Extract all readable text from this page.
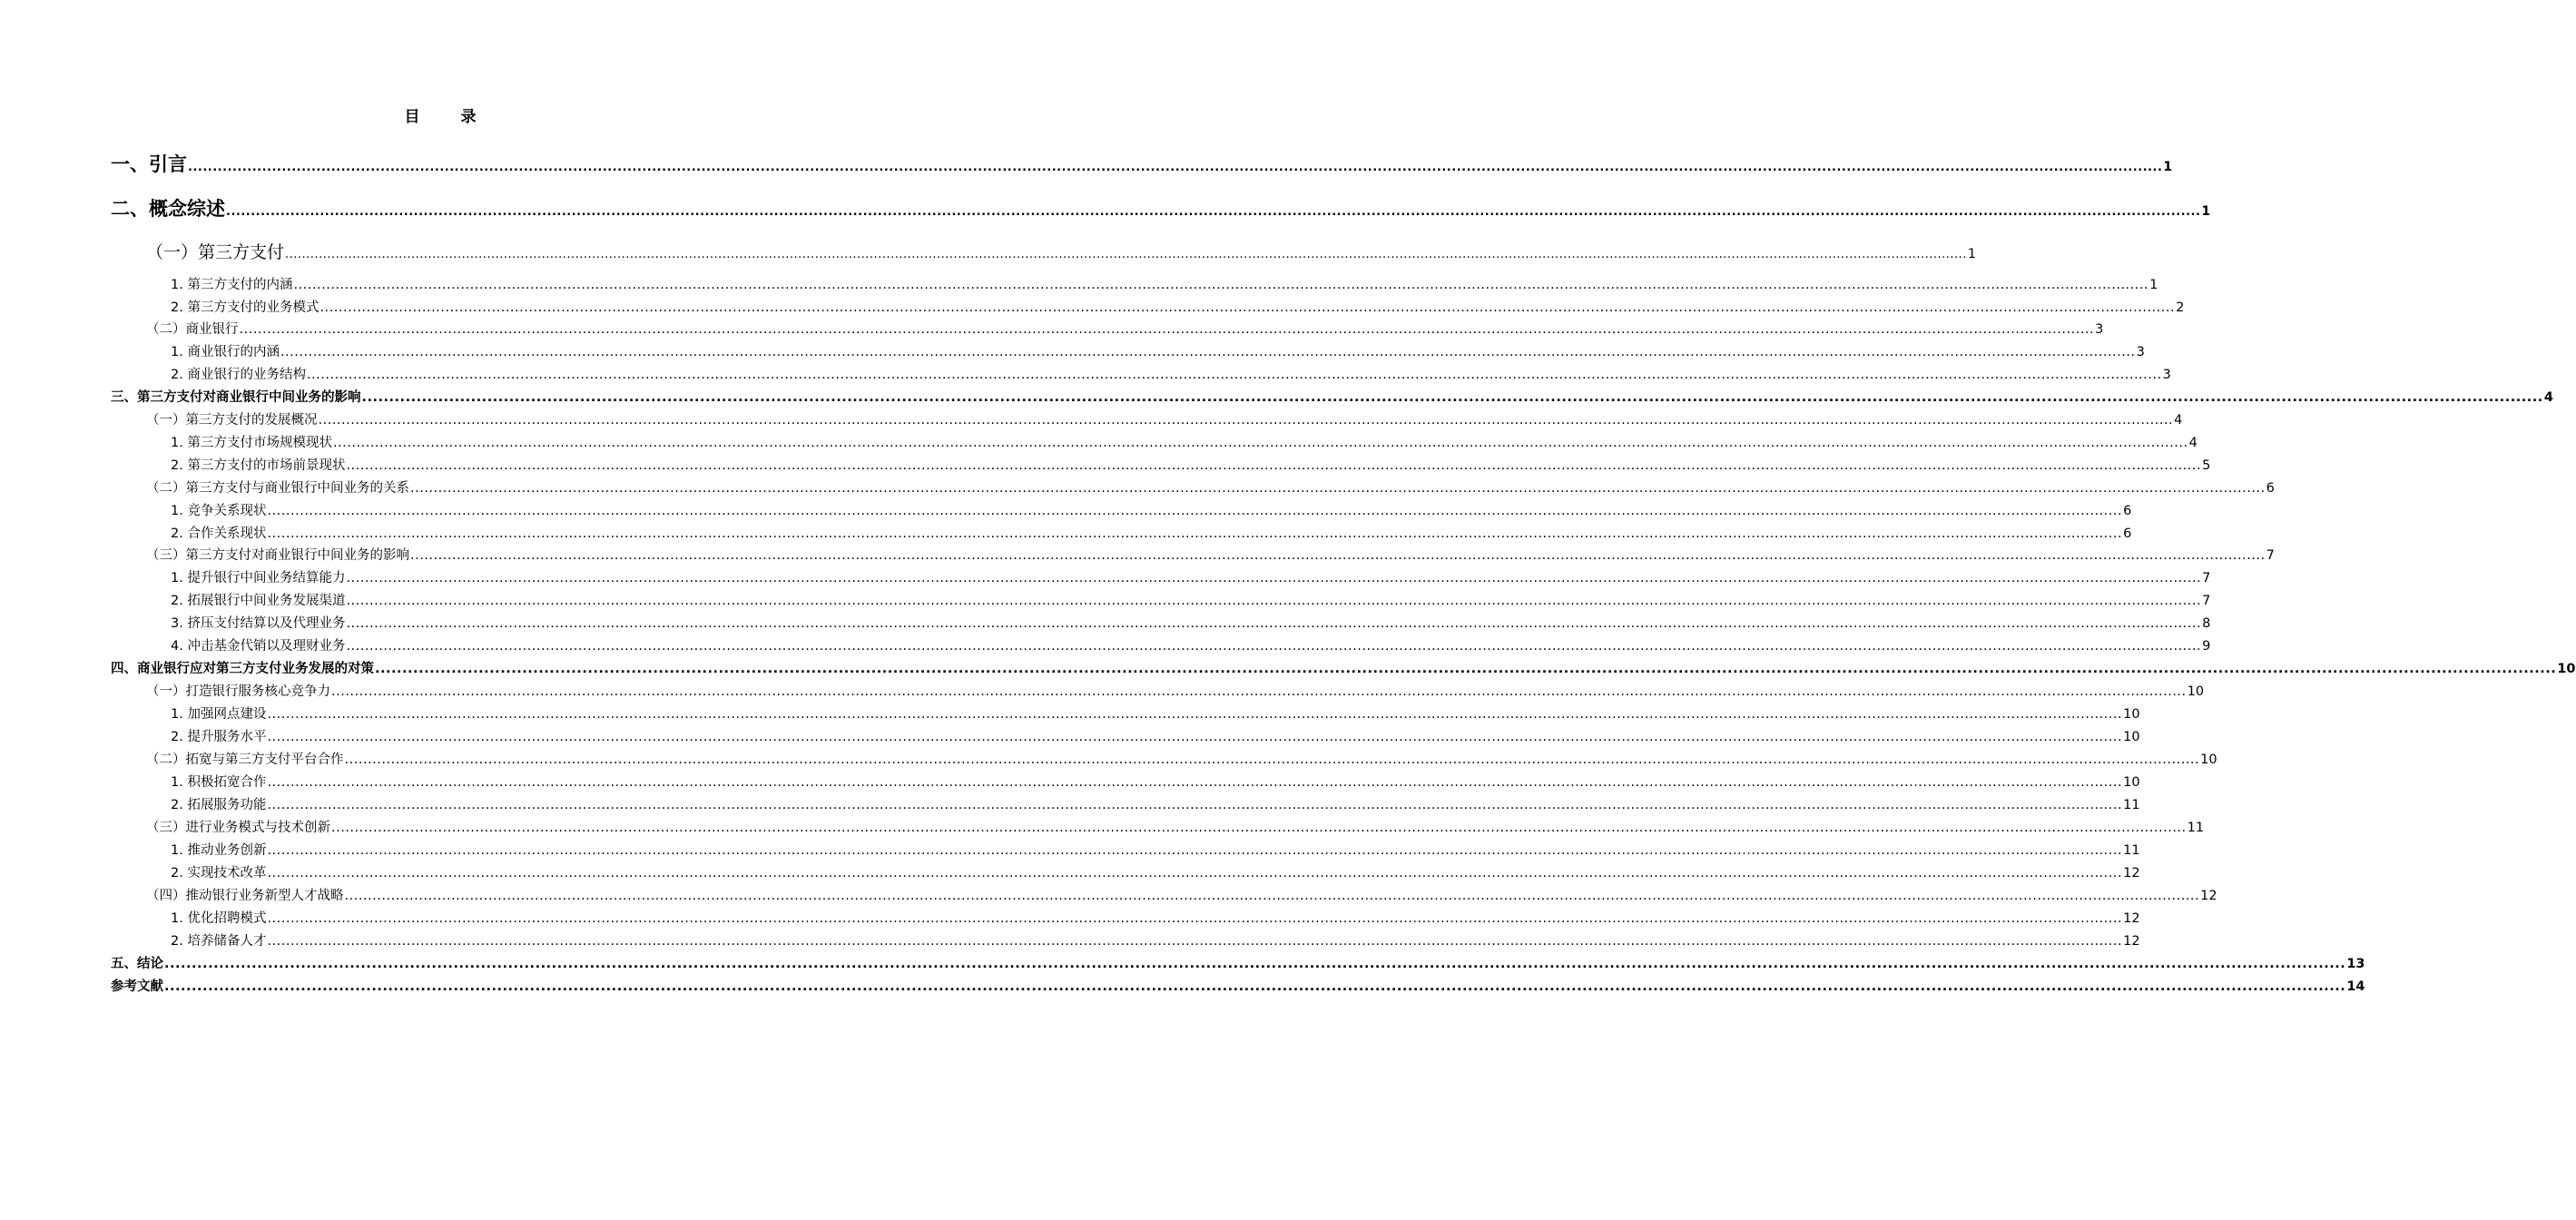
目　录
一、引言 ................................................................................................................................................................................................................................................................................................................................................................................................................ 1
二、概念综述 ................................................................................................................................................................................................................................................................................................................................................................................................................ 1
（一）第三方支付 ................................................................................................................................................................................................................................................................................................................................................................................................................ 1
1. 第三方支付的内涵 ................................................................................................................................................................................................................................................................................................................................................................................................................ 1
2. 第三方支付的业务模式 ................................................................................................................................................................................................................................................................................................................................................................................................................ 2
（二）商业银行 ................................................................................................................................................................................................................................................................................................................................................................................................................ 3
1. 商业银行的内涵 ................................................................................................................................................................................................................................................................................................................................................................................................................ 3
2. 商业银行的业务结构 ................................................................................................................................................................................................................................................................................................................................................................................................................ 3
三、第三方支付对商业银行中间业务的影响 ................................................................................................................................................................................................................................................................................................................................................................................................................ 4
（一）第三方支付的发展概况 ................................................................................................................................................................................................................................................................................................................................................................................................................ 4
1. 第三方支付市场规模现状 ................................................................................................................................................................................................................................................................................................................................................................................................................ 4
2. 第三方支付的市场前景现状 ................................................................................................................................................................................................................................................................................................................................................................................................................ 5
（二）第三方支付与商业银行中间业务的关系 ................................................................................................................................................................................................................................................................................................................................................................................................................ 6
1. 竞争关系现状 ................................................................................................................................................................................................................................................................................................................................................................................................................ 6
2. 合作关系现状 ................................................................................................................................................................................................................................................................................................................................................................................................................ 6
（三）第三方支付对商业银行中间业务的影响 ................................................................................................................................................................................................................................................................................................................................................................................................................ 7
1. 提升银行中间业务结算能力 ................................................................................................................................................................................................................................................................................................................................................................................................................ 7
2. 拓展银行中间业务发展渠道 ................................................................................................................................................................................................................................................................................................................................................................................................................ 7
3. 挤压支付结算以及代理业务 ................................................................................................................................................................................................................................................................................................................................................................................................................ 8
4. 冲击基金代销以及理财业务 ................................................................................................................................................................................................................................................................................................................................................................................................................ 9
四、商业银行应对第三方支付业务发展的对策 ................................................................................................................................................................................................................................................................................................................................................................................................................ 10
（一）打造银行服务核心竞争力 ................................................................................................................................................................................................................................................................................................................................................................................................................ 10
1. 加强网点建设 ................................................................................................................................................................................................................................................................................................................................................................................................................ 10
2. 提升服务水平 ................................................................................................................................................................................................................................................................................................................................................................................................................ 10
（二）拓宽与第三方支付平台合作 ................................................................................................................................................................................................................................................................................................................................................................................................................ 10
1. 积极拓宽合作 ................................................................................................................................................................................................................................................................................................................................................................................................................ 10
2. 拓展服务功能 ................................................................................................................................................................................................................................................................................................................................................................................................................ 11
（三）进行业务模式与技术创新 ................................................................................................................................................................................................................................................................................................................................................................................................................ 11
1. 推动业务创新 ................................................................................................................................................................................................................................................................................................................................................................................................................ 11
2. 实现技术改革 ................................................................................................................................................................................................................................................................................................................................................................................................................ 12
（四）推动银行业务新型人才战略 ................................................................................................................................................................................................................................................................................................................................................................................................................ 12
1. 优化招聘模式 ................................................................................................................................................................................................................................................................................................................................................................................................................ 12
2. 培养储备人才 ................................................................................................................................................................................................................................................................................................................................................................................................................ 12
五、结论 ................................................................................................................................................................................................................................................................................................................................................................................................................ 13
参考文献 ................................................................................................................................................................................................................................................................................................................................................................................................................ 14
